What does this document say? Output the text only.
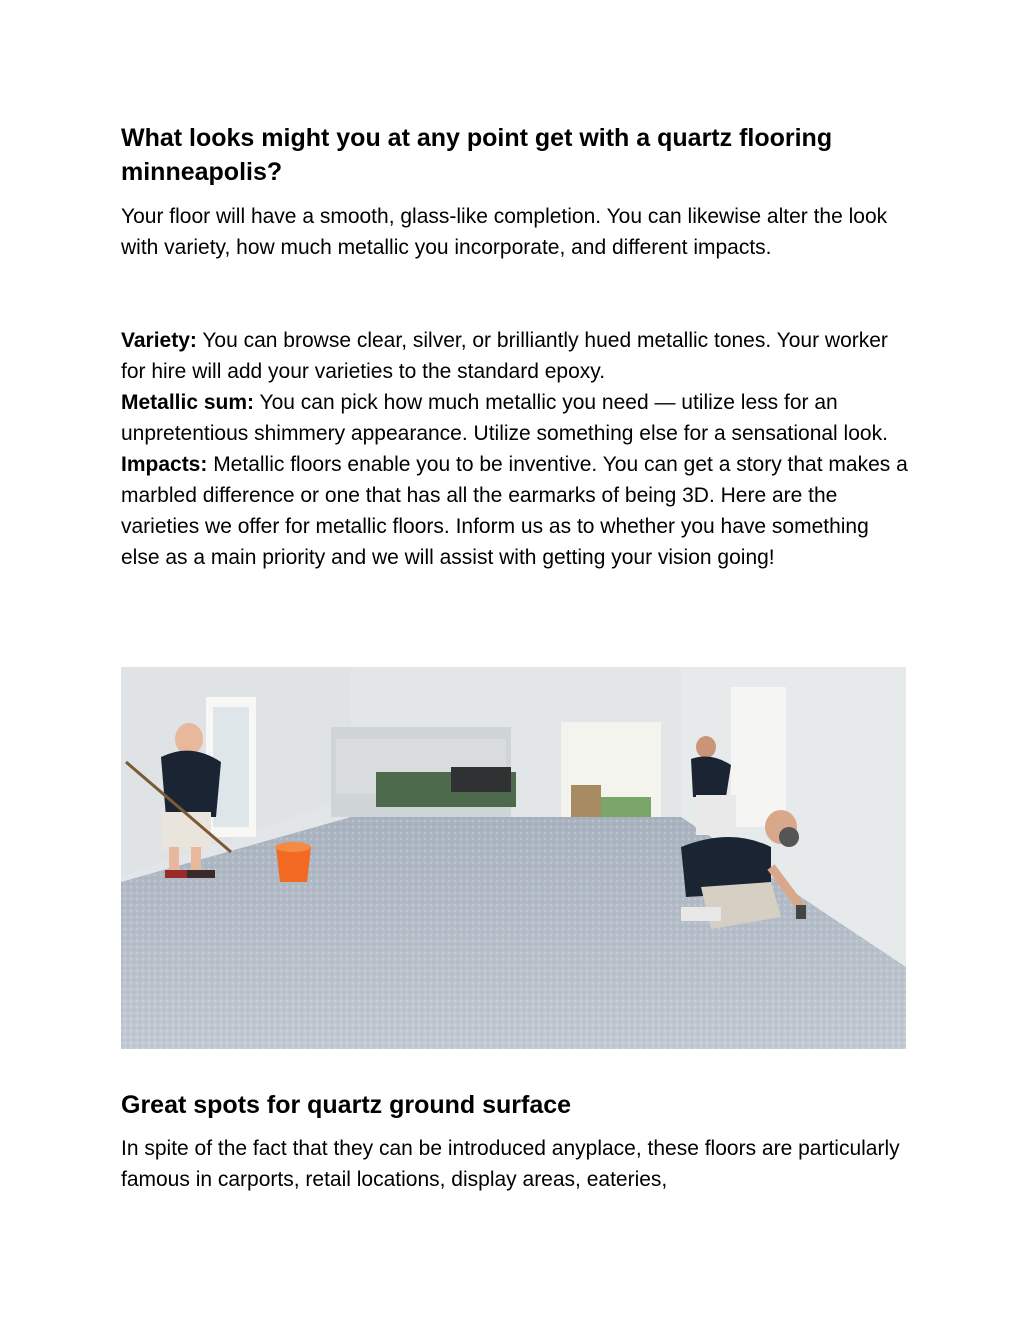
What looks might you at any point get with a quartz flooring minneapolis?

Your floor will have a smooth, glass-like completion. You can likewise alter the look with variety, how much metallic you incorporate, and different impacts.

Variety: You can browse clear, silver, or brilliantly hued metallic tones. Your worker for hire will add your varieties to the standard epoxy.

Metallic sum: You can pick how much metallic you need — utilize less for an unpretentious shimmery appearance. Utilize something else for a sensational look.

Impacts: Metallic floors enable you to be inventive. You can get a story that makes a marbled difference or one that has all the earmarks of being 3D. Here are the varieties we offer for metallic floors. Inform us as to whether you have something else as a main priority and we will assist with getting your vision going!

Great spots for quartz ground surface

In spite of the fact that they can be introduced anyplace, these floors are particularly famous in carports, retail locations, display areas, eateries,
